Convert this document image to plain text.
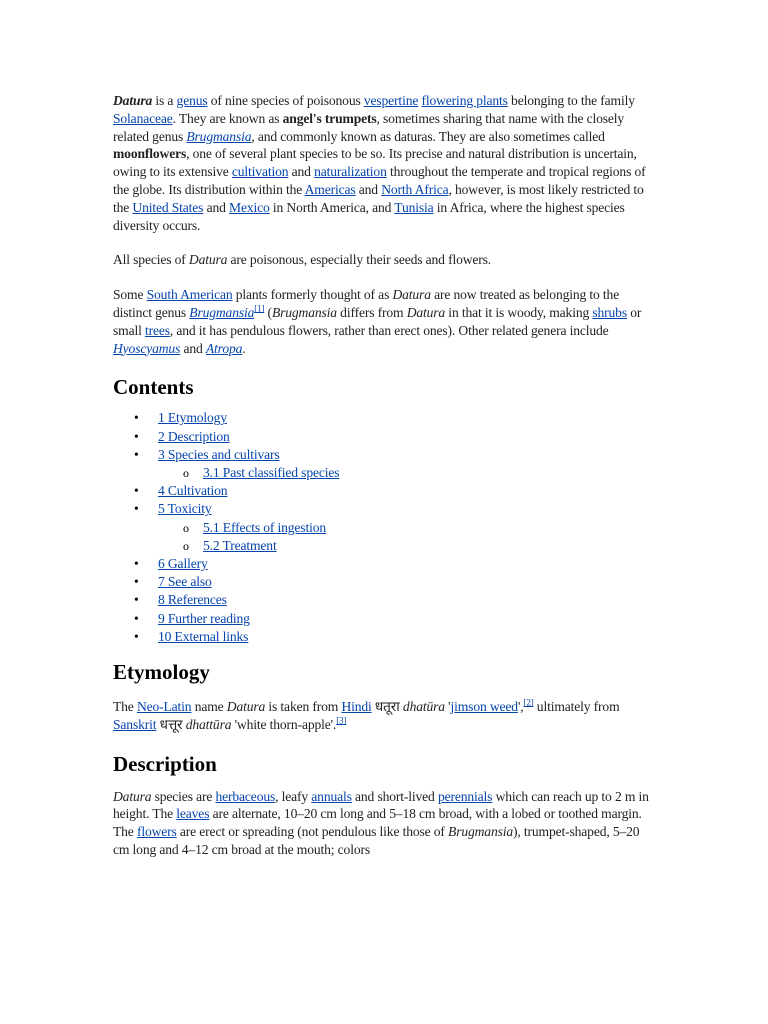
Datura is a genus of nine species of poisonous vespertine flowering plants belonging to the family Solanaceae. They are known as angel's trumpets, sometimes sharing that name with the closely related genus Brugmansia, and commonly known as daturas. They are also sometimes called moonflowers, one of several plant species to be so. Its precise and natural distribution is uncertain, owing to its extensive cultivation and naturalization throughout the temperate and tropical regions of the globe. Its distribution within the Americas and North Africa, however, is most likely restricted to the United States and Mexico in North America, and Tunisia in Africa, where the highest species diversity occurs.

All species of Datura are poisonous, especially their seeds and flowers.

Some South American plants formerly thought of as Datura are now treated as belonging to the distinct genus Brugmansia[1] (Brugmansia differs from Datura in that it is woody, making shrubs or small trees, and it has pendulous flowers, rather than erect ones). Other related genera include Hyoscyamus and Atropa.

Contents
• 1 Etymology
• 2 Description
• 3 Species and cultivars
o 3.1 Past classified species
• 4 Cultivation
• 5 Toxicity
o 5.1 Effects of ingestion
o 5.2 Treatment
• 6 Gallery
• 7 See also
• 8 References
• 9 Further reading
• 10 External links
Etymology

The Neo-Latin name Datura is taken from Hindi धतूरा dhatūra 'jimson weed',[2] ultimately from Sanskrit धत्तूर dhattūra 'white thorn-apple'.[3]

Description

Datura species are herbaceous, leafy annuals and short-lived perennials which can reach up to 2 m in height. The leaves are alternate, 10–20 cm long and 5–18 cm broad, with a lobed or toothed margin. The flowers are erect or spreading (not pendulous like those of Brugmansia), trumpet-shaped, 5–20 cm long and 4–12 cm broad at the mouth; colors
